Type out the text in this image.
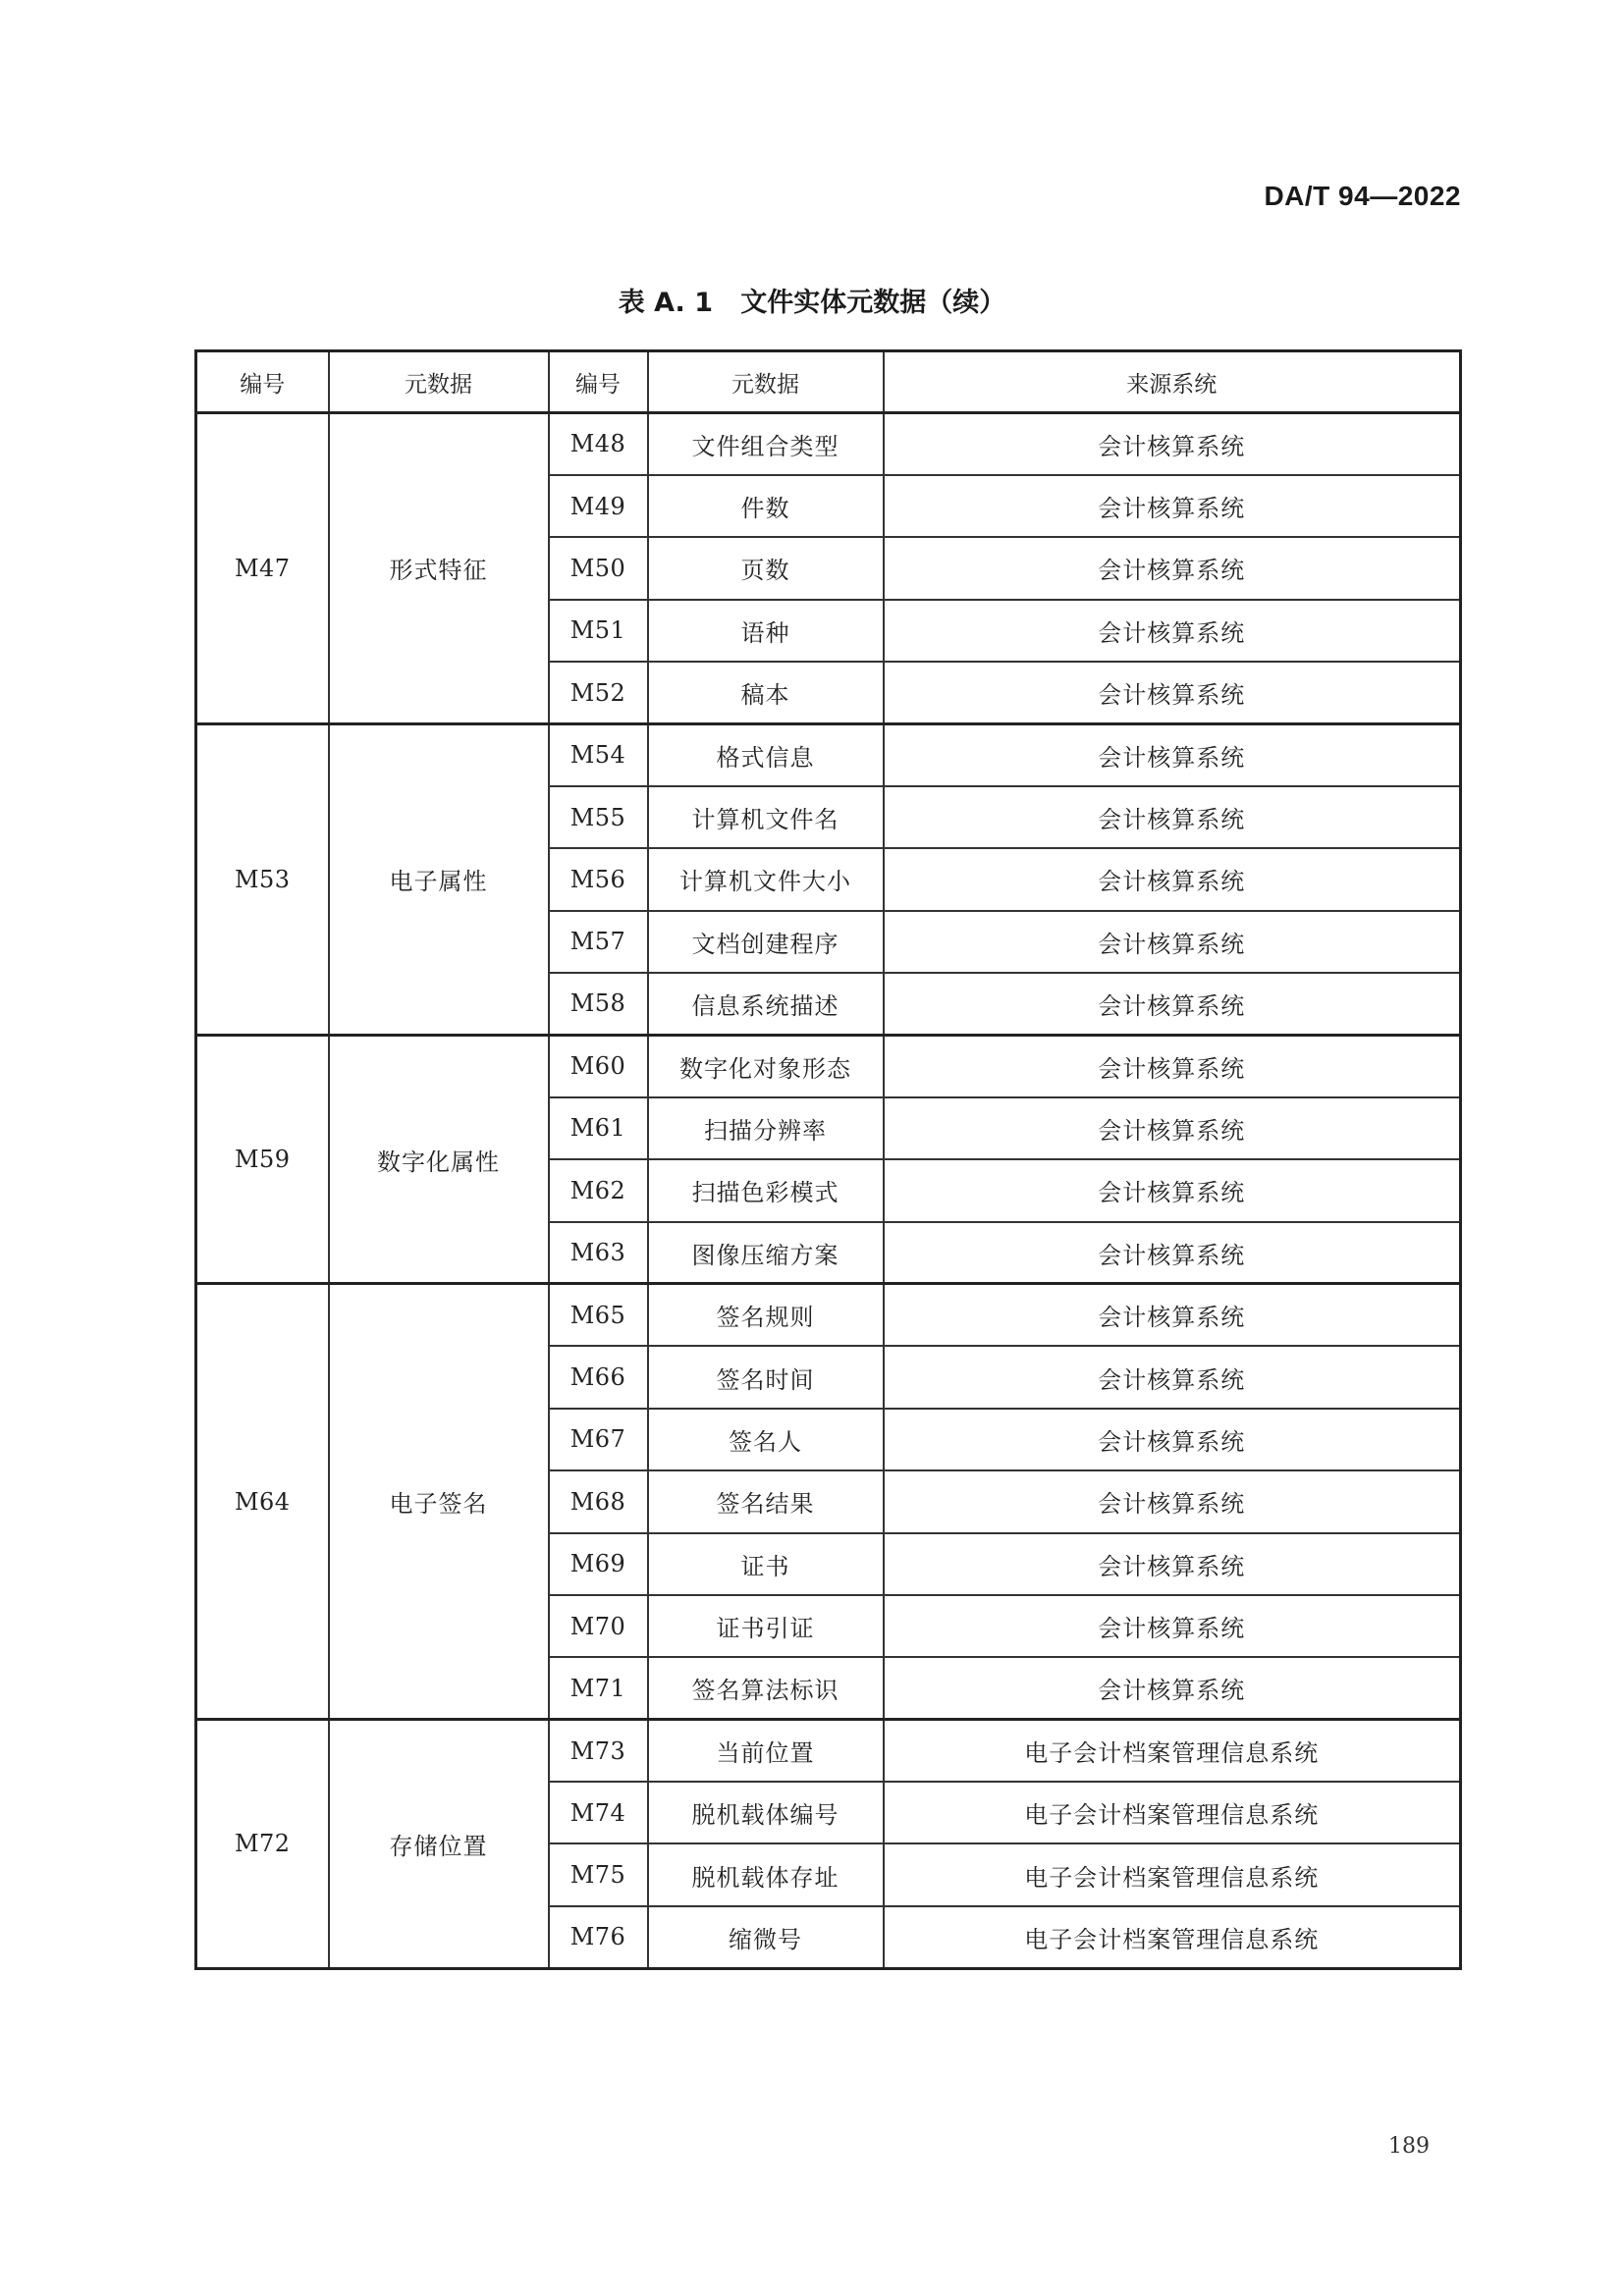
DA/T 94—2022
表 A. 1   文件实体元数据（续）
编号	元数据	编号	元数据	来源系统
M47	形式特征	M48	文件组合类型	会计核算系统
		M49	件数	会计核算系统
		M50	页数	会计核算系统
		M51	语种	会计核算系统
		M52	稿本	会计核算系统
M53	电子属性	M54	格式信息	会计核算系统
		M55	计算机文件名	会计核算系统
		M56	计算机文件大小	会计核算系统
		M57	文档创建程序	会计核算系统
		M58	信息系统描述	会计核算系统
M59	数字化属性	M60	数字化对象形态	会计核算系统
		M61	扫描分辨率	会计核算系统
		M62	扫描色彩模式	会计核算系统
		M63	图像压缩方案	会计核算系统
M64	电子签名	M65	签名规则	会计核算系统
		M66	签名时间	会计核算系统
		M67	签名人	会计核算系统
		M68	签名结果	会计核算系统
		M69	证书	会计核算系统
		M70	证书引证	会计核算系统
		M71	签名算法标识	会计核算系统
M72	存储位置	M73	当前位置	电子会计档案管理信息系统
		M74	脱机载体编号	电子会计档案管理信息系统
		M75	脱机载体存址	电子会计档案管理信息系统
		M76	缩微号	电子会计档案管理信息系统
189
